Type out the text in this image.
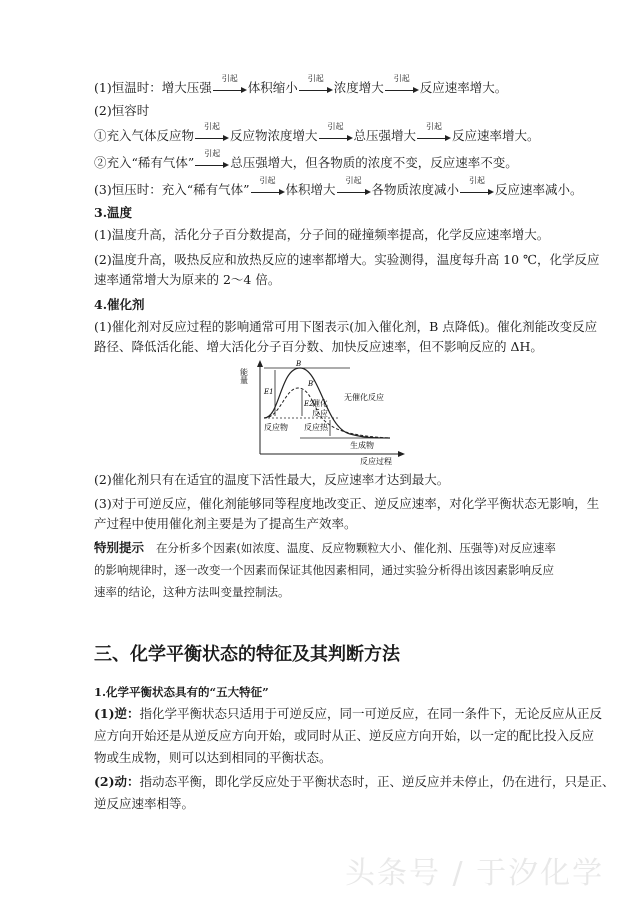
(1)恒温时：增大压强
引起
体积缩小
引起
浓度增大
引起
反应速率增大。
(2)恒容时
①充入气体反应物
引起
反应物浓度增大
引起
总压强增大
引起
反应速率增大。
②充入“稀有气体”
引起
总压强增大，但各物质的浓度不变，反应速率不变。
(3)恒压时：充入“稀有气体”
引起
体积增大
引起
各物质浓度减小
引起
反应速率减小。
3.温度
(1)温度升高，活化分子百分数提高，分子间的碰撞频率提高，化学反应速率增大。
(2)温度升高，吸热反应和放热反应的速率都增大。实验测得，温度每升高 10 ℃，化学反应
速率通常增大为原来的 2～4 倍。
4.催化剂
(1)催化剂对反应过程的影响通常可用下图表示(加入催化剂，B 点降低)。催化剂能改变反应
路径、降低活化能、增大活化分子百分数、加快反应速率，但不影响反应的 ΔH。
能量
反应过程
B
B′
E1
E2
无催化反应
催化
反应
反应物 反应热
生成物
(2)催化剂只有在适宜的温度下活性最大，反应速率才达到最大。
(3)对于可逆反应，催化剂能够同等程度地改变正、逆反应速率，对化学平衡状态无影响，生
产过程中使用催化剂主要是为了提高生产效率。
特别提示 在分析多个因素(如浓度、温度、反应物颗粒大小、催化剂、压强等)对反应速率
的影响规律时，逐一改变一个因素而保证其他因素相同，通过实验分析得出该因素影响反应
速率的结论，这种方法叫变量控制法。
三、化学平衡状态的特征及其判断方法
1.化学平衡状态具有的“五大特征”
(1)逆：指化学平衡状态只适用于可逆反应，同一可逆反应，在同一条件下，无论反应从正反
应方向开始还是从逆反应方向开始，或同时从正、逆反应方向开始，以一定的配比投入反应
物或生成物，则可以达到相同的平衡状态。
(2)动：指动态平衡，即化学反应处于平衡状态时，正、逆反应并未停止，仍在进行，只是正、
逆反应速率相等。
头条号 / 于汐化学
